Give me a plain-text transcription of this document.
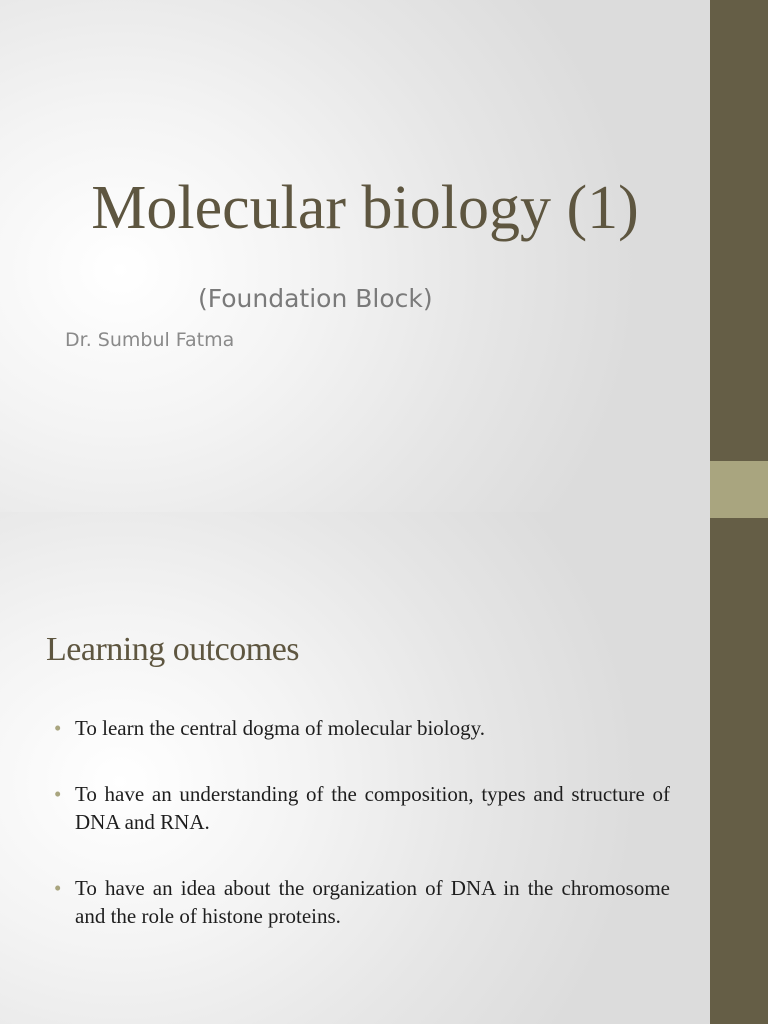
Molecular biology (1)
(Foundation Block)
Dr. Sumbul Fatma
Learning outcomes
• To learn the central dogma of molecular biology.
• To have an understanding of the composition, types and structure of DNA and RNA.
• To have an idea about the organization of DNA in the chromosome and the role of histone proteins.
